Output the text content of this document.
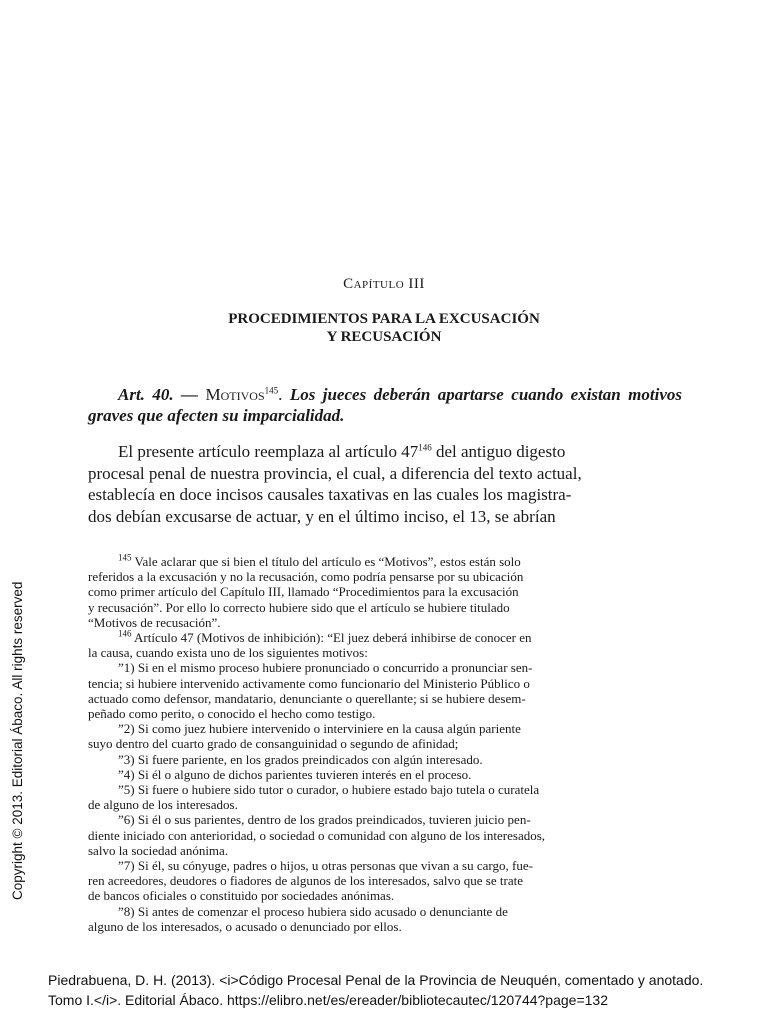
Capítulo III

PROCEDIMIENTOS PARA LA EXCUSACIÓN
Y RECUSACIÓN

Art. 40. — Motivos$^{145}$. Los jueces deberán apartarse cuando existan motivos graves que afecten su imparcialidad.

El presente artículo reemplaza al artículo $47^{146}$ del antiguo digesto
procesal penal de nuestra provincia, el cual, a diferencia del texto actual,
establecía en doce incisos causales taxativas en las cuales los magistra-
dos debían excusarse de actuar, y en el último inciso, el 13, se abrían
$^{145}$ Vale aclarar que si bien el título del artículo es “Motivos”, estos están solo
referidos a la excusación y no la recusación, como podría pensarse por su ubicación
como primer artículo del Capítulo III, llamado “Procedimientos para la excusación
y recusación”. Por ello lo correcto hubiere sido que el artículo se hubiere titulado
“Motivos de recusación”.
$^{146}$ Artículo 47 (Motivos de inhibición): “El juez deberá inhibirse de conocer en
la causa, cuando exista uno de los siguientes motivos:
”1) Si en el mismo proceso hubiere pronunciado o concurrido a pronunciar sen-
tencia; si hubiere intervenido activamente como funcionario del Ministerio Público o
actuado como defensor, mandatario, denunciante o querellante; si se hubiere desem-
peñado como perito, o conocido el hecho como testigo.
”2) Si como juez hubiere intervenido o interviniere en la causa algún pariente
suyo dentro del cuarto grado de consanguinidad o segundo de afinidad;
”3) Si fuere pariente, en los grados preindicados con algún interesado.
”4) Si él o alguno de dichos parientes tuvieren interés en el proceso.
”5) Si fuere o hubiere sido tutor o curador, o hubiere estado bajo tutela o curatela
de alguno de los interesados.
”6) Si él o sus parientes, dentro de los grados preindicados, tuvieren juicio pen-
diente iniciado con anterioridad, o sociedad o comunidad con alguno de los interesados,
salvo la sociedad anónima.
”7) Si él, su cónyuge, padres o hijos, u otras personas que vivan a su cargo, fue-
ren acreedores, deudores o fiadores de algunos de los interesados, salvo que se trate
de bancos oficiales o constituido por sociedades anónimas.
”8) Si antes de comenzar el proceso hubiera sido acusado o denunciante de
alguno de los interesados, o acusado o denunciado por ellos.
Copyright © 2013. Editorial Ábaco. All rights reserved
Piedrabuena, D. H. (2013). <i>Código Procesal Penal de la Provincia de Neuquén, comentado y anotado.
Tomo I.</i>. Editorial Ábaco. https://elibro.net/es/ereader/bibliotecautec/120744?page=132
